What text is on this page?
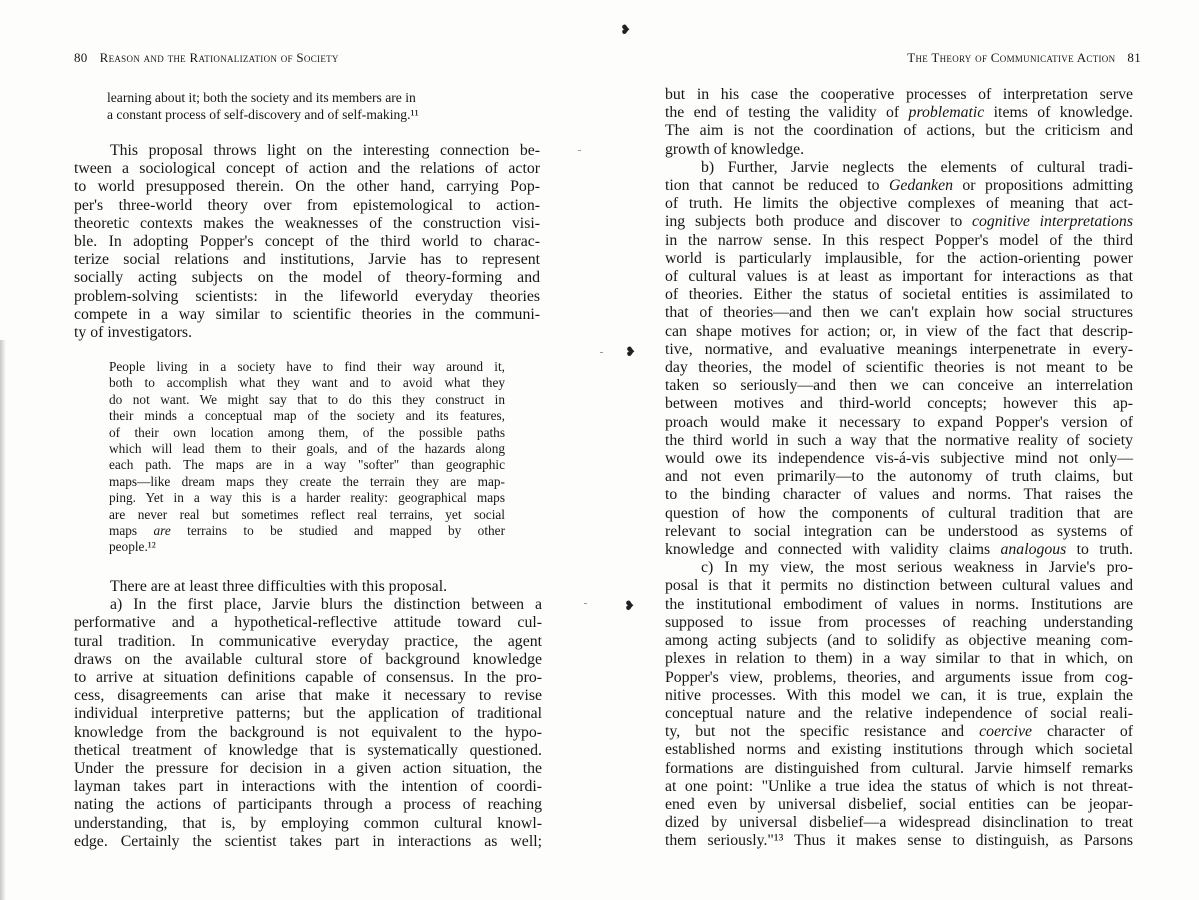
❥
❥
❥
80 Reason and the Rationalization of Society
learning about it; both the society and its members are in
a constant process of self-discovery and of self-making.¹¹
This proposal throws light on the interesting connection be-
tween a sociological concept of action and the relations of actor
to world presupposed therein. On the other hand, carrying Pop-
per's three-world theory over from epistemological to action-
theoretic contexts makes the weaknesses of the construction visi-
ble. In adopting Popper's concept of the third world to charac-
terize social relations and institutions, Jarvie has to represent
socially acting subjects on the model of theory-forming and
problem-solving scientists: in the lifeworld everyday theories
compete in a way similar to scientific theories in the communi-
ty of investigators.
People living in a society have to find their way around it,
both to accomplish what they want and to avoid what they
do not want. We might say that to do this they construct in
their minds a conceptual map of the society and its features,
of their own location among them, of the possible paths
which will lead them to their goals, and of the hazards along
each path. The maps are in a way "softer" than geographic
maps—like dream maps they create the terrain they are map-
ping. Yet in a way this is a harder reality: geographical maps
are never real but sometimes reflect real terrains, yet social
maps are terrains to be studied and mapped by other
people.¹²
There are at least three difficulties with this proposal.
a) In the first place, Jarvie blurs the distinction between a
performative and a hypothetical-reflective attitude toward cul-
tural tradition. In communicative everyday practice, the agent
draws on the available cultural store of background knowledge
to arrive at situation definitions capable of consensus. In the pro-
cess, disagreements can arise that make it necessary to revise
individual interpretive patterns; but the application of traditional
knowledge from the background is not equivalent to the hypo-
thetical treatment of knowledge that is systematically questioned.
Under the pressure for decision in a given action situation, the
layman takes part in interactions with the intention of coordi-
nating the actions of participants through a process of reaching
understanding, that is, by employing common cultural knowl-
edge. Certainly the scientist takes part in interactions as well;
The Theory of Communicative Action 81
but in his case the cooperative processes of interpretation serve
the end of testing the validity of problematic items of knowledge.
The aim is not the coordination of actions, but the criticism and
growth of knowledge.
b) Further, Jarvie neglects the elements of cultural tradi-
tion that cannot be reduced to Gedanken or propositions admitting
of truth. He limits the objective complexes of meaning that act-
ing subjects both produce and discover to cognitive interpretations
in the narrow sense. In this respect Popper's model of the third
world is particularly implausible, for the action-orienting power
of cultural values is at least as important for interactions as that
of theories. Either the status of societal entities is assimilated to
that of theories—and then we can't explain how social structures
can shape motives for action; or, in view of the fact that descrip-
tive, normative, and evaluative meanings interpenetrate in every-
day theories, the model of scientific theories is not meant to be
taken so seriously—and then we can conceive an interrelation
between motives and third-world concepts; however this ap-
proach would make it necessary to expand Popper's version of
the third world in such a way that the normative reality of society
would owe its independence vis-á-vis subjective mind not only—
and not even primarily—to the autonomy of truth claims, but
to the binding character of values and norms. That raises the
question of how the components of cultural tradition that are
relevant to social integration can be understood as systems of
knowledge and connected with validity claims analogous to truth.
c) In my view, the most serious weakness in Jarvie's pro-
posal is that it permits no distinction between cultural values and
the institutional embodiment of values in norms. Institutions are
supposed to issue from processes of reaching understanding
among acting subjects (and to solidify as objective meaning com-
plexes in relation to them) in a way similar to that in which, on
Popper's view, problems, theories, and arguments issue from cog-
nitive processes. With this model we can, it is true, explain the
conceptual nature and the relative independence of social reali-
ty, but not the specific resistance and coercive character of
established norms and existing institutions through which societal
formations are distinguished from cultural. Jarvie himself remarks
at one point: "Unlike a true idea the status of which is not threat-
ened even by universal disbelief, social entities can be jeopar-
dized by universal disbelief—a widespread disinclination to treat
them seriously."¹³ Thus it makes sense to distinguish, as Parsons
